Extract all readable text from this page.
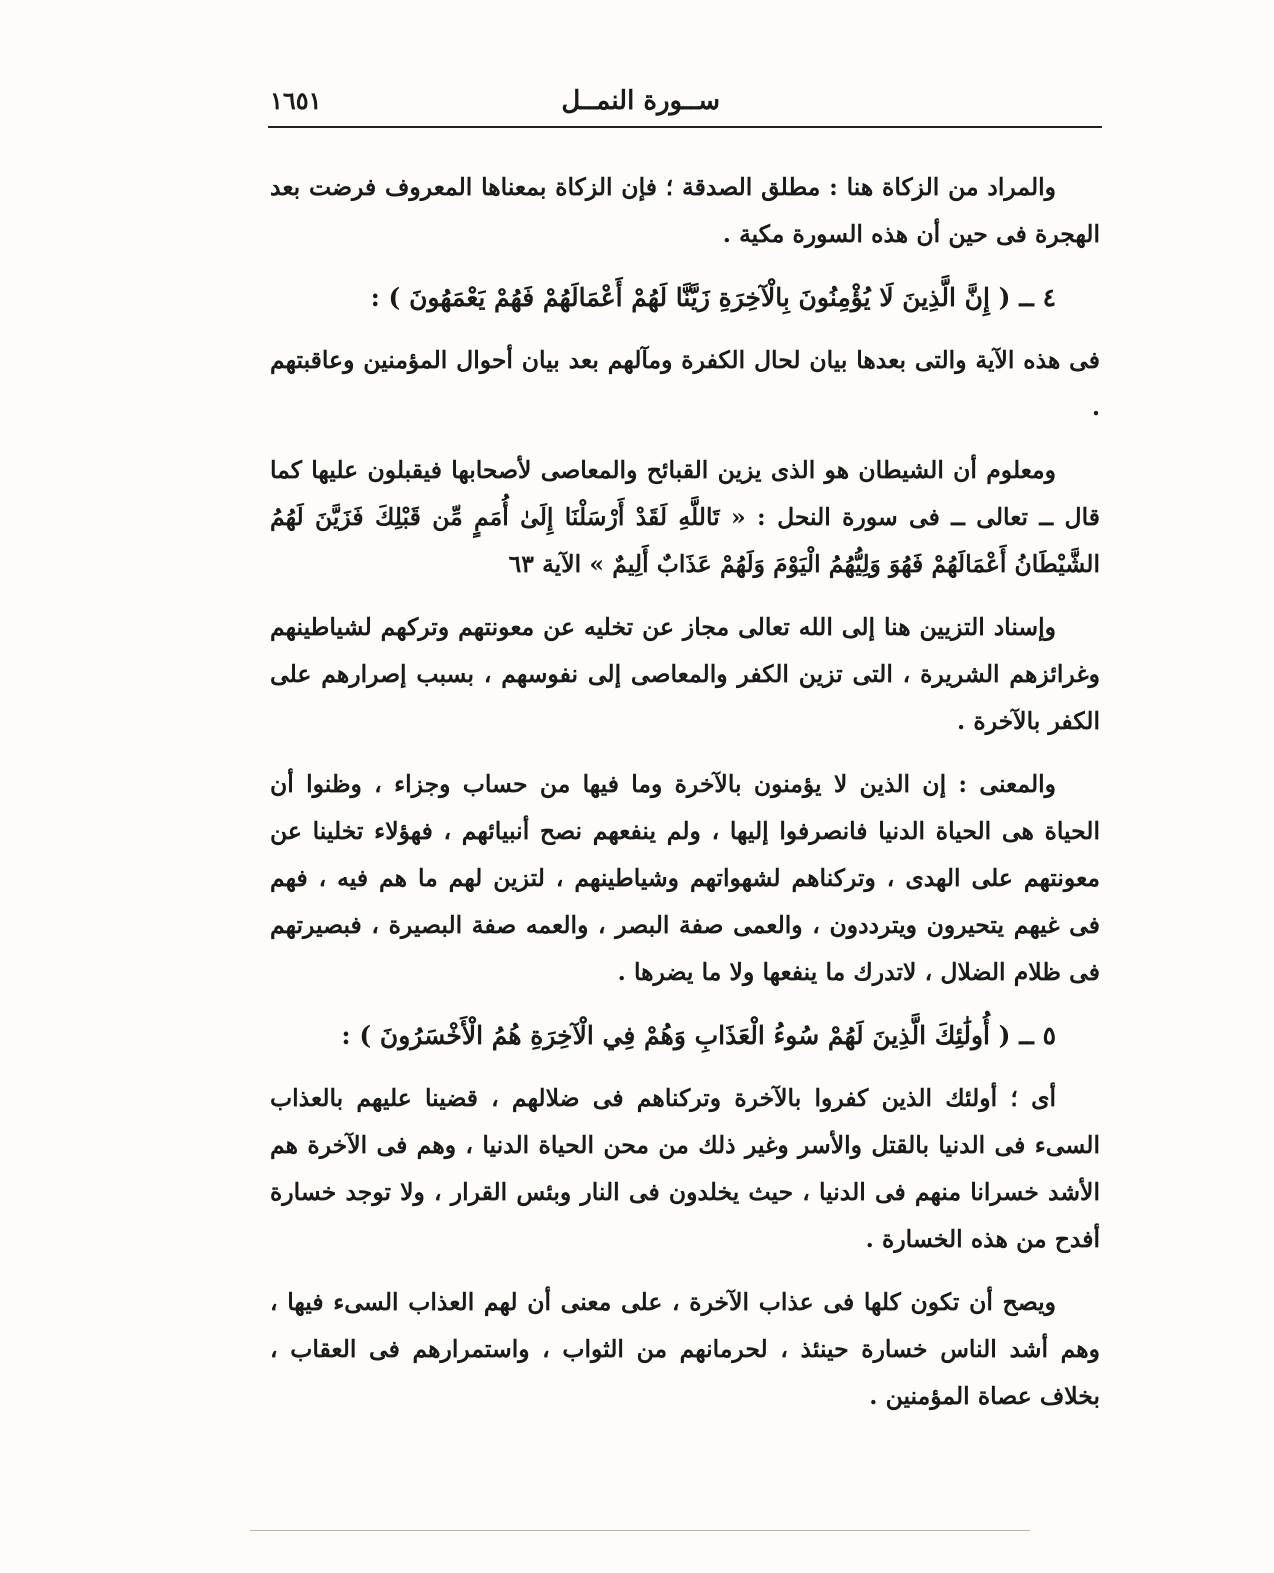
ســورة النمــل
١٦٥١

والمراد من الزكاة هنا : مطلق الصدقة ؛ فإن الزكاة بمعناها المعروف فرضت بعد الهجرة فى حين أن هذه السورة مكية .

٤ ــ ( إِنَّ الَّذِينَ لَا يُؤْمِنُونَ بِالْآخِرَةِ زَيَّنَّا لَهُمْ أَعْمَالَهُمْ فَهُمْ يَعْمَهُونَ ) :

فى هذه الآية والتى بعدها بيان لحال الكفرة ومآلهم بعد بيان أحوال المؤمنين وعاقبتهم .

ومعلوم أن الشيطان هو الذى يزين القبائح والمعاصى لأصحابها فيقبلون عليها كما قال ــ تعالى ــ فى سورة النحل : « تَاللَّهِ لَقَدْ أَرْسَلْنَا إِلَىٰ أُمَمٍ مِّن قَبْلِكَ فَزَيَّنَ لَهُمُ الشَّيْطَانُ أَعْمَالَهُمْ فَهُوَ وَلِيُّهُمُ الْيَوْمَ وَلَهُمْ عَذَابٌ أَلِيمٌ » الآية ٦٣

وإسناد التزيين هنا إلى الله تعالى مجاز عن تخليه عن معونتهم وتركهم لشياطينهم وغرائزهم الشريرة ، التى تزين الكفر والمعاصى إلى نفوسهم ، بسبب إصرارهم على الكفر بالآخرة .

والمعنى : إن الذين لا يؤمنون بالآخرة وما فيها من حساب وجزاء ، وظنوا أن الحياة هى الحياة الدنيا فانصرفوا إليها ، ولم ينفعهم نصح أنبيائهم ، فهؤلاء تخلينا عن معونتهم على الهدى ، وتركناهم لشهواتهم وشياطينهم ، لتزين لهم ما هم فيه ، فهم فى غيهم يتحيرون ويترددون ، والعمى صفة البصر ، والعمه صفة البصيرة ، فبصيرتهم فى ظلام الضلال ، لاتدرك ما ينفعها ولا ما يضرها .

٥ ــ ( أُولَٰئِكَ الَّذِينَ لَهُمْ سُوءُ الْعَذَابِ وَهُمْ فِي الْآخِرَةِ هُمُ الْأَخْسَرُونَ ) :

أى ؛ أولئك الذين كفروا بالآخرة وتركناهم فى ضلالهم ، قضينا عليهم بالعذاب السىء فى الدنيا بالقتل والأسر وغير ذلك من محن الحياة الدنيا ، وهم فى الآخرة هم الأشد خسرانا منهم فى الدنيا ، حيث يخلدون فى النار وبئس القرار ، ولا توجد خسارة أفدح من هذه الخسارة .

ويصح أن تكون كلها فى عذاب الآخرة ، على معنى أن لهم العذاب السىء فيها ، وهم أشد الناس خسارة حينئذ ، لحرمانهم من الثواب ، واستمرارهم فى العقاب ، بخلاف عصاة المؤمنين .
